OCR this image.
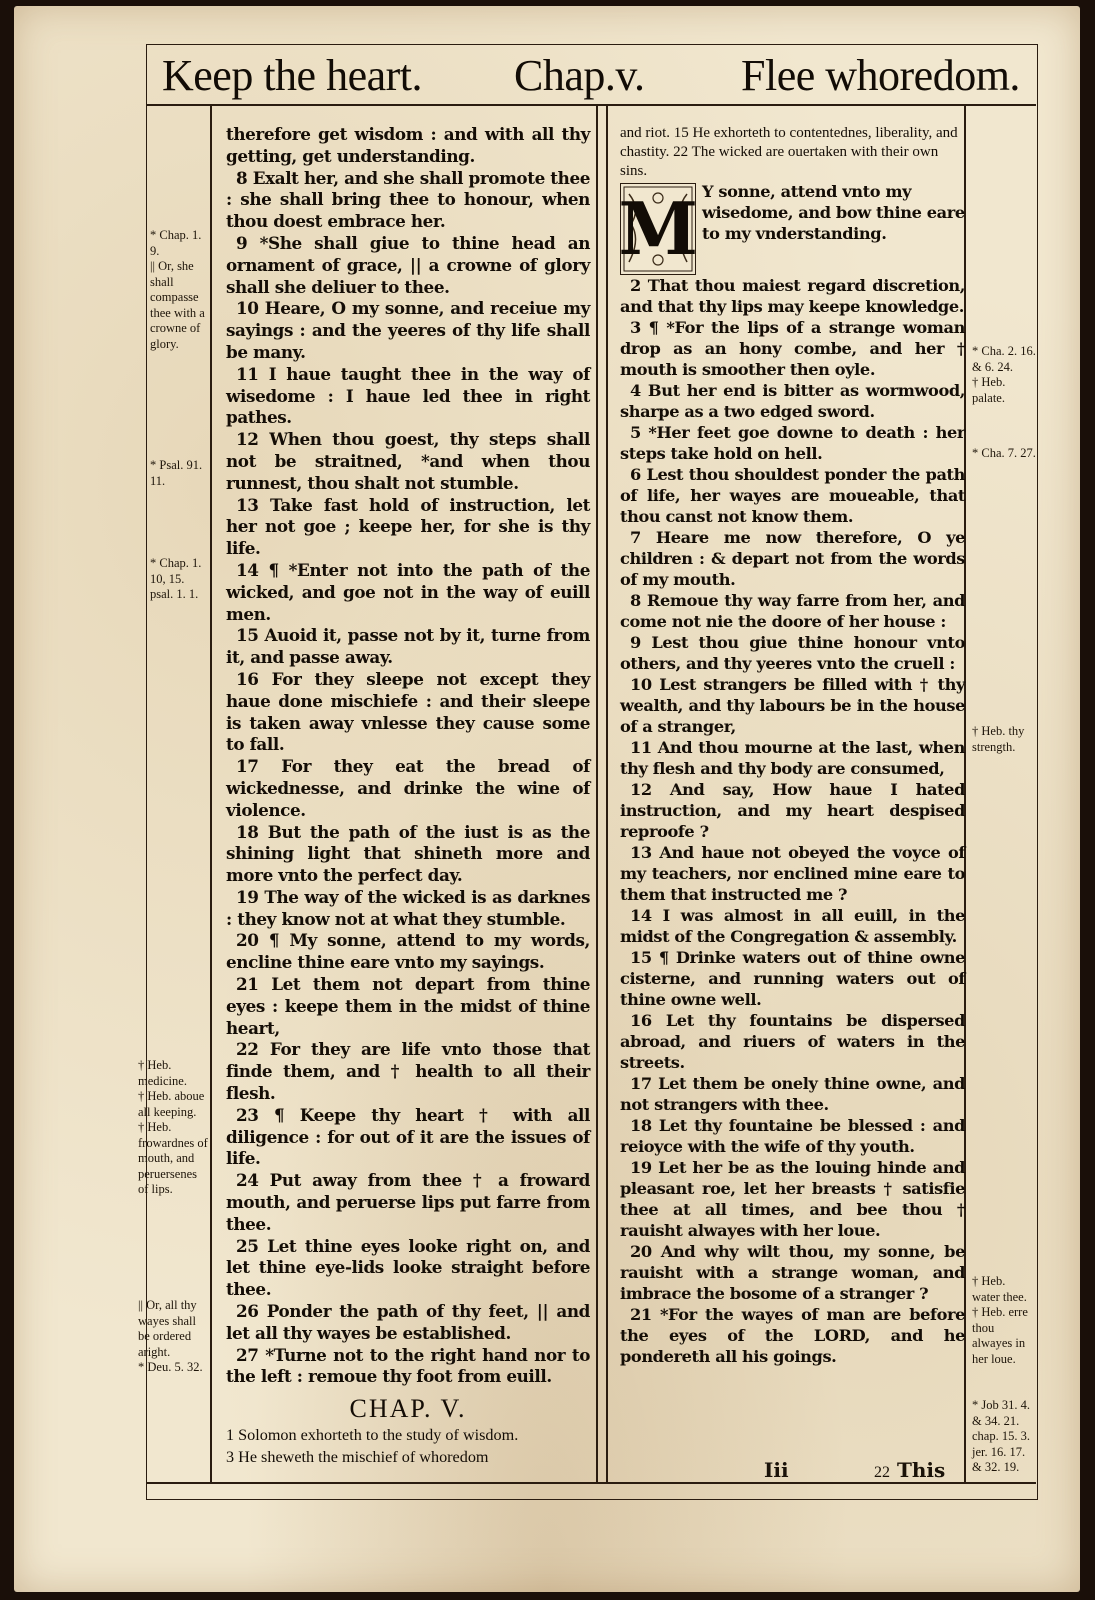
Keep the heart. Chap.v. Flee whoredom.

* Chap. 1. 9.

|| Or, she shall compasse thee with a crowne of glory.

* Psal. 91. 11.

* Chap. 1. 10, 15. psal. 1. 1.

† Heb. medicine.

† Heb. aboue all keeping.

† Heb. frowardnes of mouth, and peruersenes of lips.

|| Or, all thy wayes shall be ordered aright.

* Deu. 5. 32.

* Cha. 2. 16. & 6. 24.

† Heb. palate.

* Cha. 7. 27.

† Heb. thy strength.

† Heb. water thee.

† Heb. erre thou alwayes in her loue.

* Job 31. 4. & 34. 21. chap. 15. 3. jer. 16. 17. & 32. 19.

therefore get wisdom : and with all thy getting, get understanding.

8 Exalt her, and she shall promote thee : she shall bring thee to honour, when thou doest embrace her.

9 *She shall giue to thine head an ornament of grace, || a crowne of glory shall she deliuer to thee.

10 Heare, O my sonne, and receiue my sayings : and the yeeres of thy life shall be many.

11 I haue taught thee in the way of wisedome : I haue led thee in right pathes.

12 When thou goest, thy steps shall not be straitned, *and when thou runnest, thou shalt not stumble.

13 Take fast hold of instruction, let her not goe ; keepe her, for she is thy life.

14 ¶ *Enter not into the path of the wicked, and goe not in the way of euill men.

15 Auoid it, passe not by it, turne from it, and passe away.

16 For they sleepe not except they haue done mischiefe : and their sleepe is taken away vnlesse they cause some to fall.

17 For they eat the bread of wickednesse, and drinke the wine of violence.

18 But the path of the iust is as the shining light that shineth more and more vnto the perfect day.

19 The way of the wicked is as darknes : they know not at what they stumble.

20 ¶ My sonne, attend to my words, encline thine eare vnto my sayings.

21 Let them not depart from thine eyes : keepe them in the midst of thine heart,

22 For they are life vnto those that finde them, and † health to all their flesh.

23 ¶ Keepe thy heart † with all diligence : for out of it are the issues of life.

24 Put away from thee † a froward mouth, and peruerse lips put farre from thee.

25 Let thine eyes looke right on, and let thine eye-lids looke straight before thee.

26 Ponder the path of thy feet, || and let all thy wayes be established.

27 *Turne not to the right hand nor to the left : remoue thy foot from euill.

CHAP. V.

1 Solomon exhorteth to the study of wisdom.

3 He sheweth the mischief of whoredom

and riot. 15 He exhorteth to contentednes, liberality, and chastity. 22 The wicked are ouertaken with their own sins.

M Y sonne, attend vnto my wisedome, and bow thine eare to my vnderstanding.

2 That thou maiest regard discretion, and that thy lips may keepe knowledge.

3 ¶ *For the lips of a strange woman drop as an hony combe, and her † mouth is smoother then oyle.

4 But her end is bitter as wormwood, sharpe as a two edged sword.

5 *Her feet goe downe to death : her steps take hold on hell.

6 Lest thou shouldest ponder the path of life, her wayes are moueable, that thou canst not know them.

7 Heare me now therefore, O ye children : & depart not from the words of my mouth.

8 Remoue thy way farre from her, and come not nie the doore of her house :

9 Lest thou giue thine honour vnto others, and thy yeeres vnto the cruell :

10 Lest strangers be filled with † thy wealth, and thy labours be in the house of a stranger,

11 And thou mourne at the last, when thy flesh and thy body are consumed,

12 And say, How haue I hated instruction, and my heart despised reproofe ?

13 And haue not obeyed the voyce of my teachers, nor enclined mine eare to them that instructed me ?

14 I was almost in all euill, in the midst of the Congregation & assembly.

15 ¶ Drinke waters out of thine owne cisterne, and running waters out of thine owne well.

16 Let thy fountains be dispersed abroad, and riuers of waters in the streets.

17 Let them be onely thine owne, and not strangers with thee.

18 Let thy fountaine be blessed : and reioyce with the wife of thy youth.

19 Let her be as the louing hinde and pleasant roe, let her breasts † satisfie thee at all times, and bee thou † rauisht alwayes with her loue.

20 And why wilt thou, my sonne, be rauisht with a strange woman, and imbrace the bosome of a stranger ?

21 *For the wayes of man are before the eyes of the LORD, and he pondereth all his goings.

Iii	22 This
